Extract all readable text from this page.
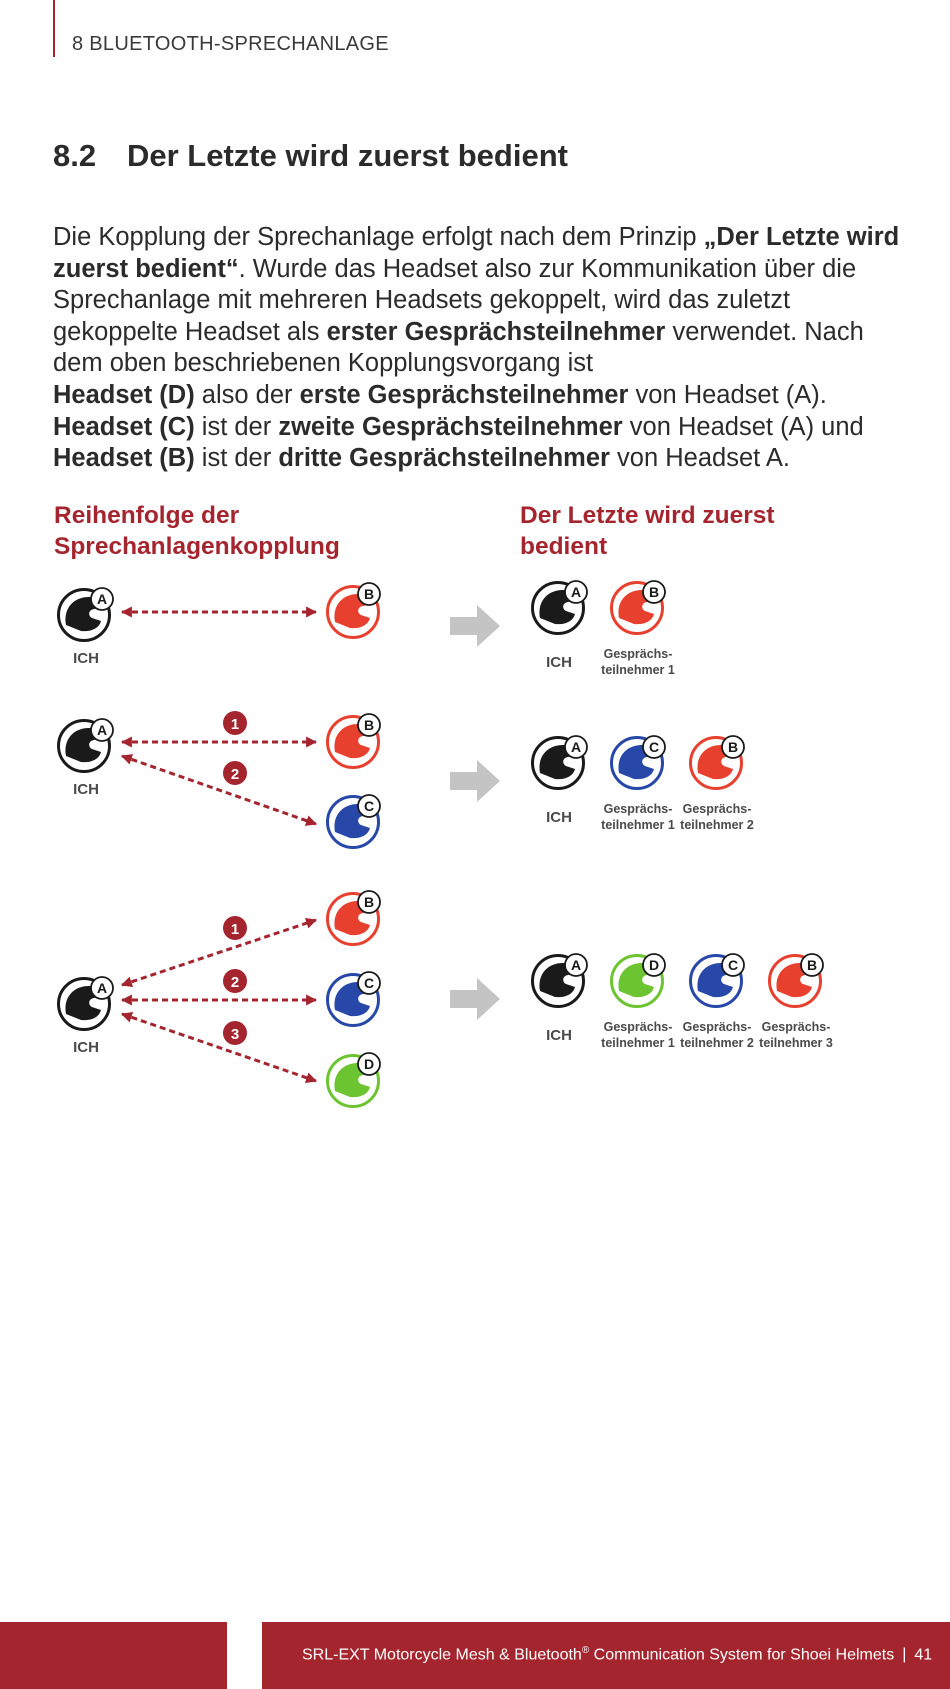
8 BLUETOOTH-SPRECHANLAGE
8.2 Der Letzte wird zuerst bedient

Die Kopplung der Sprechanlage erfolgt nach dem Prinzip „Der Letzte wird zuerst bedient“. Wurde das Headset also zur Kommunikation über die Sprechanlage mit mehreren Headsets gekoppelt, wird das zuletzt gekoppelte Headset als erster Gesprächsteilnehmer verwendet. Nach dem oben beschriebenen Kopplungsvorgang ist
Headset (D) also der erste Gesprächsteilnehmer von Headset (A).
Headset (C) ist der zweite Gesprächsteilnehmer von Headset (A) und
Headset (B) ist der dritte Gesprächsteilnehmer von Headset A.

Reihenfolge der
Sprechanlagenkopplung

Der Letzte wird zuerst
bedient

A
ICH
B	A
ICH
B
Gesprächs-
teilnehmer 1
A
ICH
1
2
B
C
A
ICH
C	B
Gesprächs-
teilnehmer 1
Gesprächs-
teilnehmer 2
A
ICH
1
2
3
B
C
D
A
ICH
D	C	B
Gesprächs-
teilnehmer 1
Gesprächs-
teilnehmer 2
Gesprächs-
teilnehmer 3
SRL-EXT Motorcycle Mesh & Bluetooth® Communication System for Shoei Helmets | 41
